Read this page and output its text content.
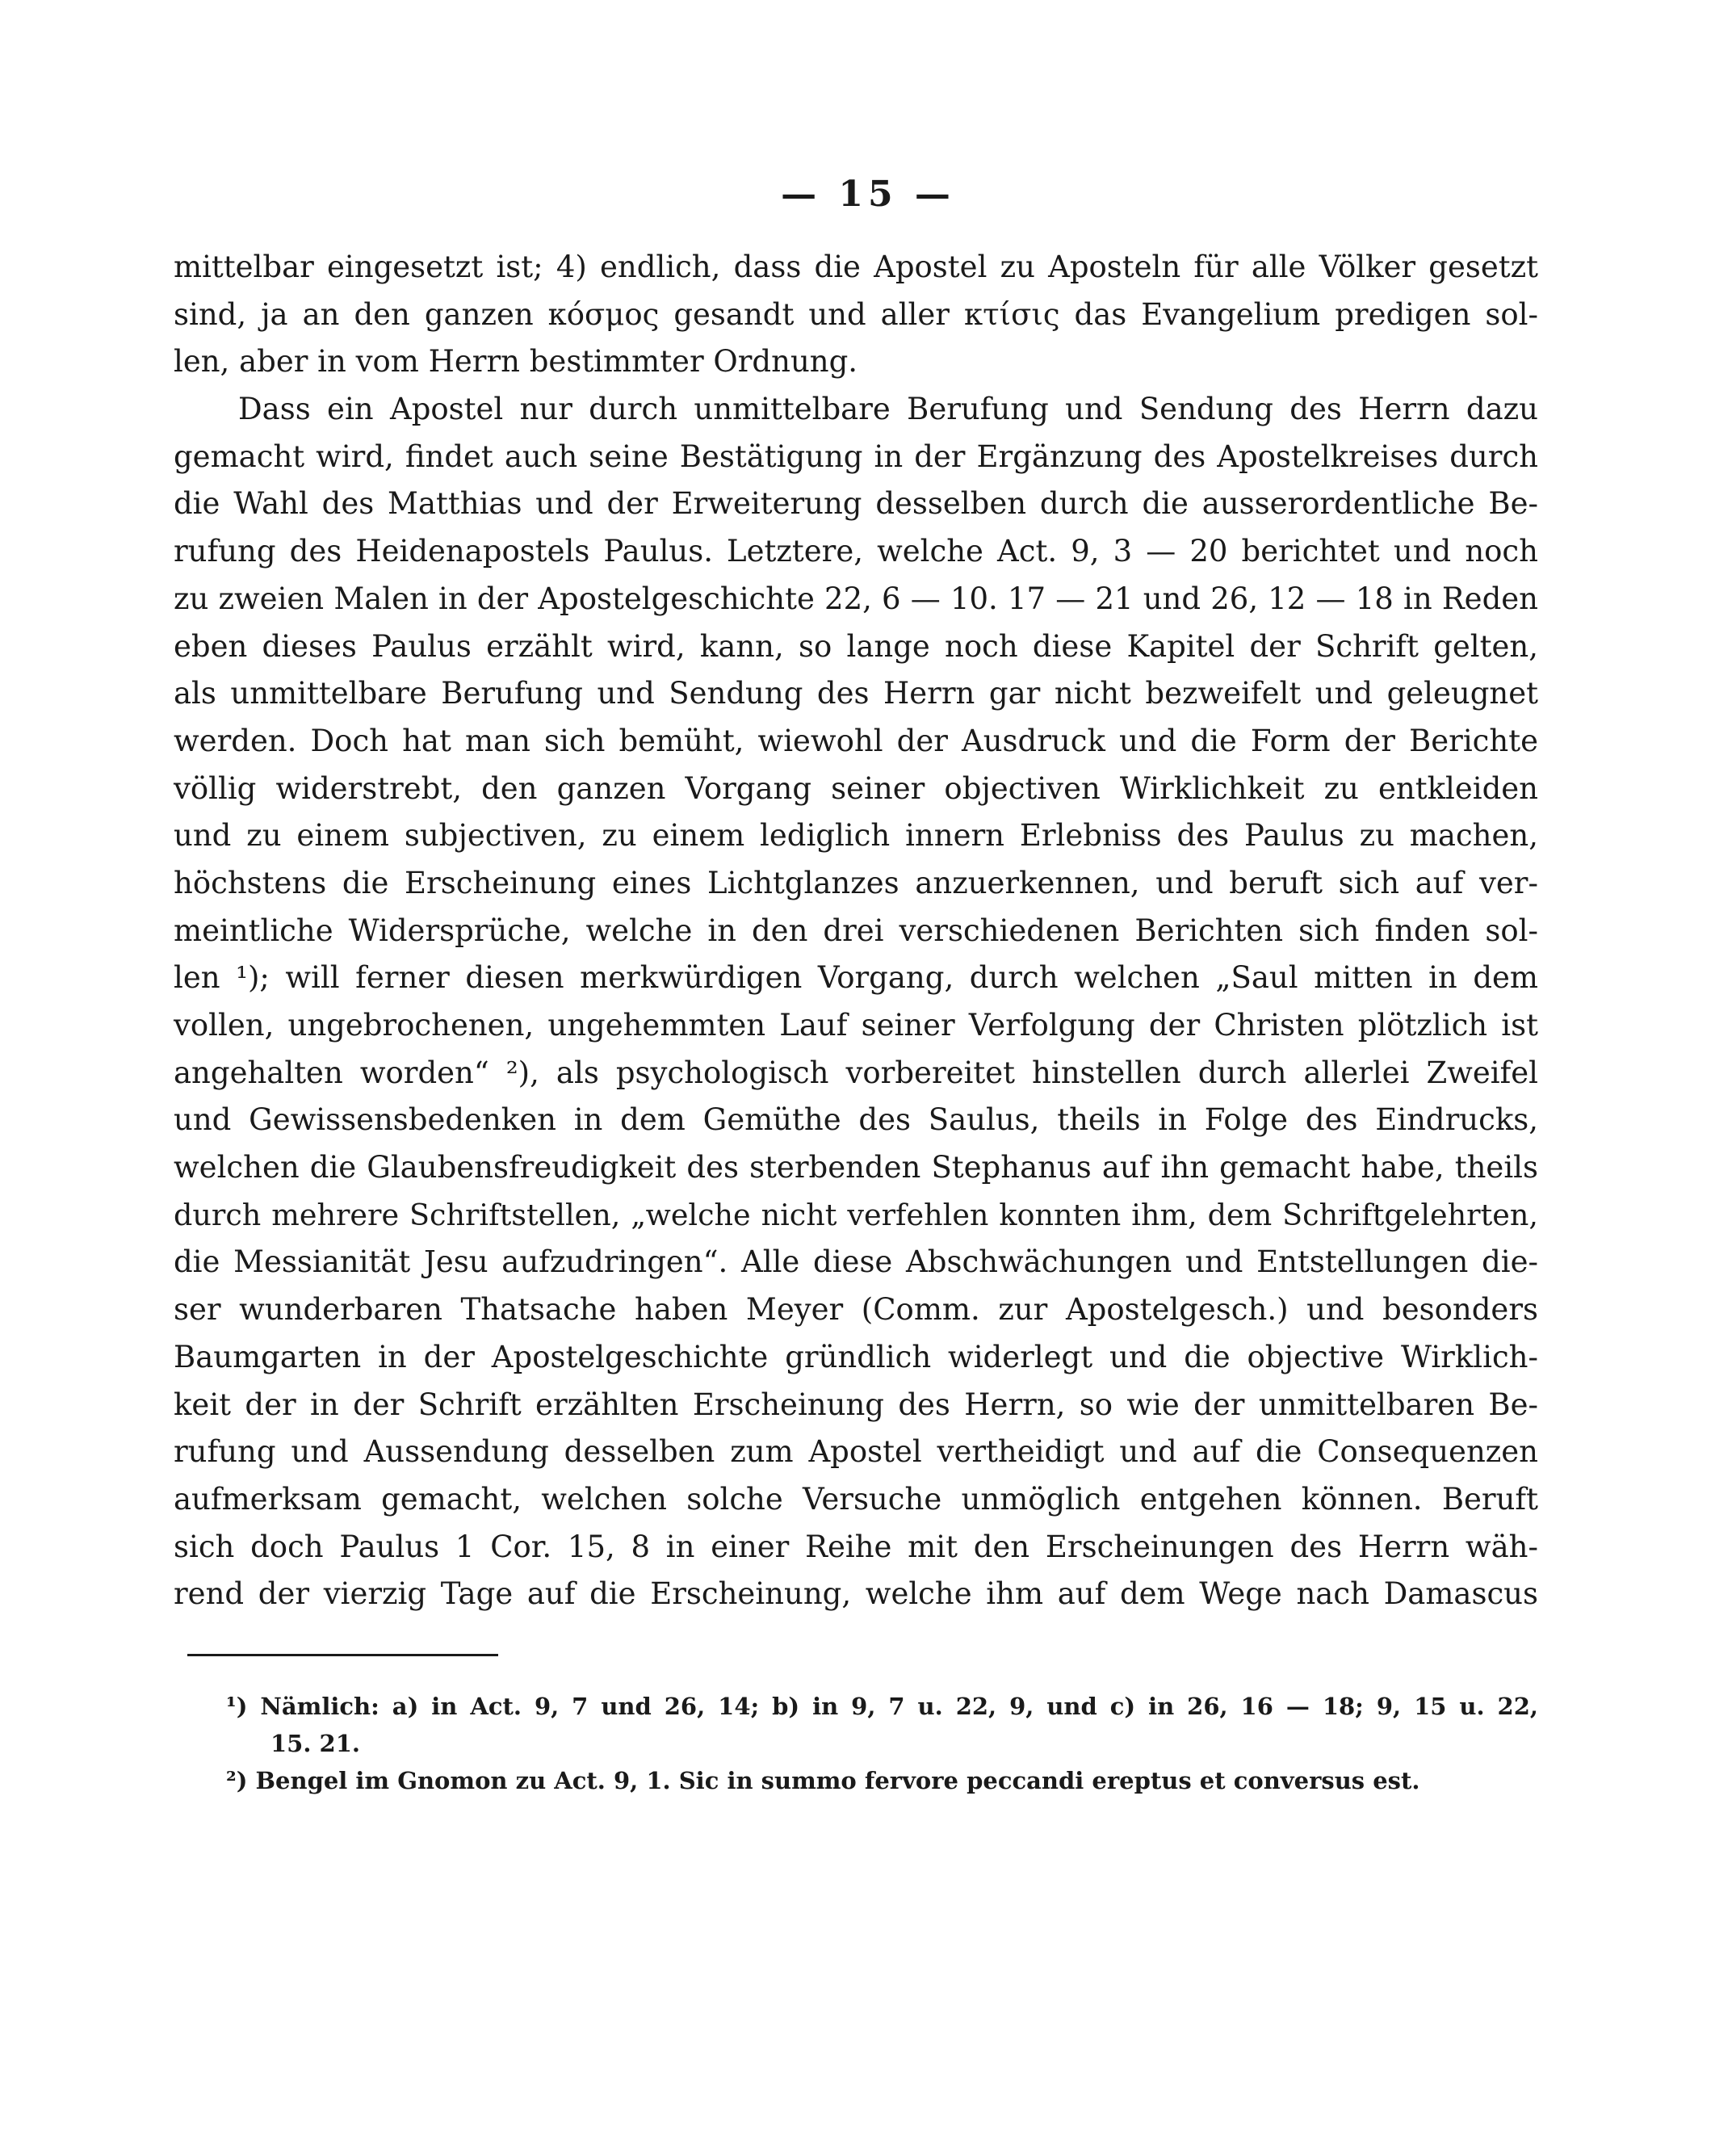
— 15 —
mittelbar eingesetzt ist; 4) endlich, dass die Apostel zu Aposteln für alle Völker gesetzt
sind, ja an den ganzen κόσμος gesandt und aller κτίσις das Evangelium predigen sol-
len, aber in vom Herrn bestimmter Ordnung.
Dass ein Apostel nur durch unmittelbare Berufung und Sendung des Herrn dazu
gemacht wird, findet auch seine Bestätigung in der Ergänzung des Apostelkreises durch
die Wahl des Matthias und der Erweiterung desselben durch die ausserordentliche Be-
rufung des Heidenapostels Paulus. Letztere, welche Act. 9, 3 — 20 berichtet und noch
zu zweien Malen in der Apostelgeschichte 22, 6 — 10. 17 — 21 und 26, 12 — 18 in Reden
eben dieses Paulus erzählt wird, kann, so lange noch diese Kapitel der Schrift gelten,
als unmittelbare Berufung und Sendung des Herrn gar nicht bezweifelt und geleugnet
werden. Doch hat man sich bemüht, wiewohl der Ausdruck und die Form der Berichte
völlig widerstrebt, den ganzen Vorgang seiner objectiven Wirklichkeit zu entkleiden
und zu einem subjectiven, zu einem lediglich innern Erlebniss des Paulus zu machen,
höchstens die Erscheinung eines Lichtglanzes anzuerkennen, und beruft sich auf ver-
meintliche Widersprüche, welche in den drei verschiedenen Berichten sich finden sol-
len ¹); will ferner diesen merkwürdigen Vorgang, durch welchen „Saul mitten in dem
vollen, ungebrochenen, ungehemmten Lauf seiner Verfolgung der Christen plötzlich ist
angehalten worden“ ²), als psychologisch vorbereitet hinstellen durch allerlei Zweifel
und Gewissensbedenken in dem Gemüthe des Saulus, theils in Folge des Eindrucks,
welchen die Glaubensfreudigkeit des sterbenden Stephanus auf ihn gemacht habe, theils
durch mehrere Schriftstellen, „welche nicht verfehlen konnten ihm, dem Schriftgelehrten,
die Messianität Jesu aufzudringen“. Alle diese Abschwächungen und Entstellungen die-
ser wunderbaren Thatsache haben Meyer (Comm. zur Apostelgesch.) und besonders
Baumgarten in der Apostelgeschichte gründlich widerlegt und die objective Wirklich-
keit der in der Schrift erzählten Erscheinung des Herrn, so wie der unmittelbaren Be-
rufung und Aussendung desselben zum Apostel vertheidigt und auf die Consequenzen
aufmerksam gemacht, welchen solche Versuche unmöglich entgehen können. Beruft
sich doch Paulus 1 Cor. 15, 8 in einer Reihe mit den Erscheinungen des Herrn wäh-
rend der vierzig Tage auf die Erscheinung, welche ihm auf dem Wege nach Damascus
¹) Nämlich: a) in Act. 9, 7 und 26, 14; b) in 9, 7 u. 22, 9, und c) in 26, 16 — 18; 9, 15 u. 22,
15. 21.
²) Bengel im Gnomon zu Act. 9, 1. Sic in summo fervore peccandi ereptus et conversus est.
